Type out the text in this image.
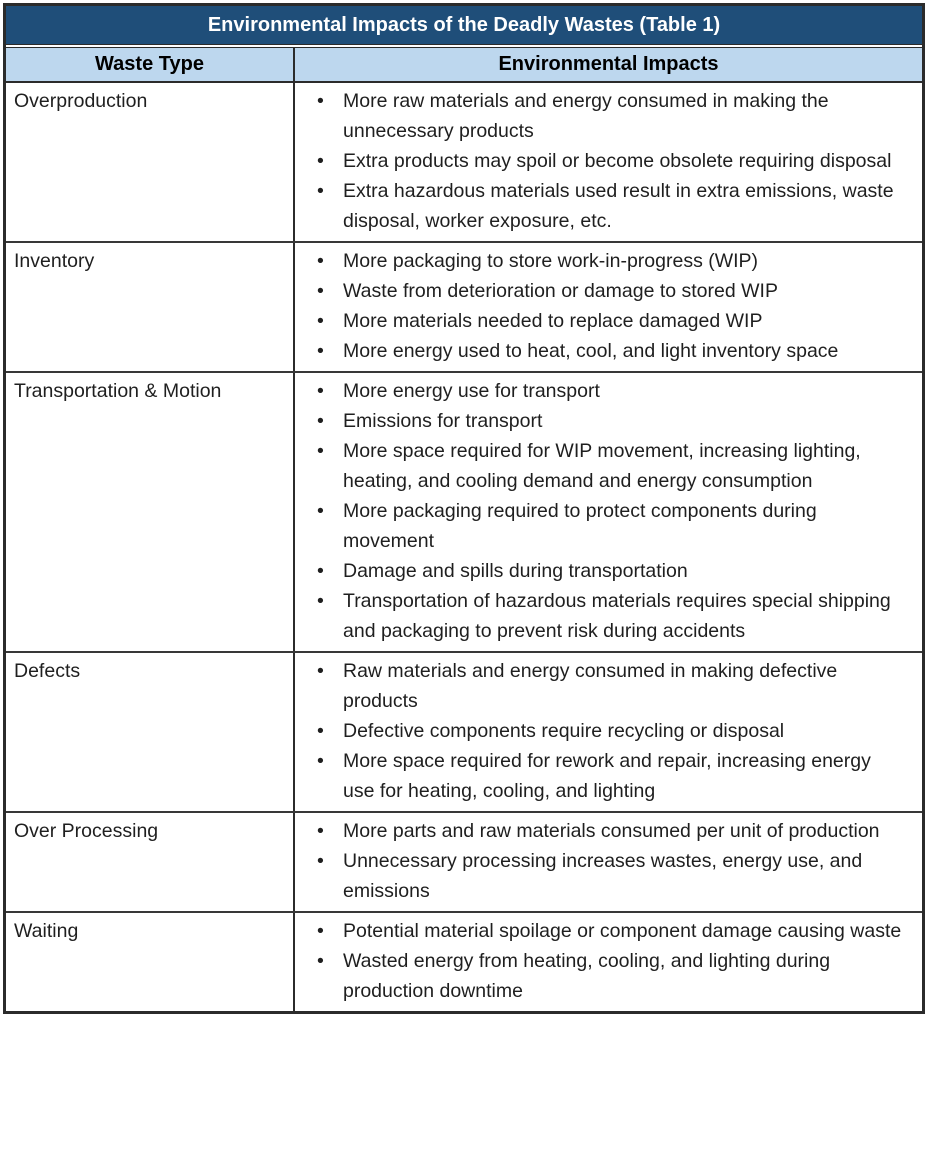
Environmental Impacts of the Deadly Wastes (Table 1)
Waste Type	Environmental Impacts
Overproduction	• More raw materials and energy consumed in making the unnecessary products
• Extra products may spoil or become obsolete requiring disposal
• Extra hazardous materials used result in extra emissions, waste disposal, worker exposure, etc.
Inventory	• More packaging to store work-in-progress (WIP)
• Waste from deterioration or damage to stored WIP
• More materials needed to replace damaged WIP
• More energy used to heat, cool, and light inventory space
Transportation & Motion	• More energy use for transport
• Emissions for transport
• More space required for WIP movement, increasing lighting, heating, and cooling demand and energy consumption
• More packaging required to protect components during movement
• Damage and spills during transportation
• Transportation of hazardous materials requires special shipping and packaging to prevent risk during accidents
Defects	• Raw materials and energy consumed in making defective products
• Defective components require recycling or disposal
• More space required for rework and repair, increasing energy use for heating, cooling, and lighting
Over Processing	• More parts and raw materials consumed per unit of production
• Unnecessary processing increases wastes, energy use, and emissions
Waiting	• Potential material spoilage or component damage causing waste
• Wasted energy from heating, cooling, and lighting during production downtime
